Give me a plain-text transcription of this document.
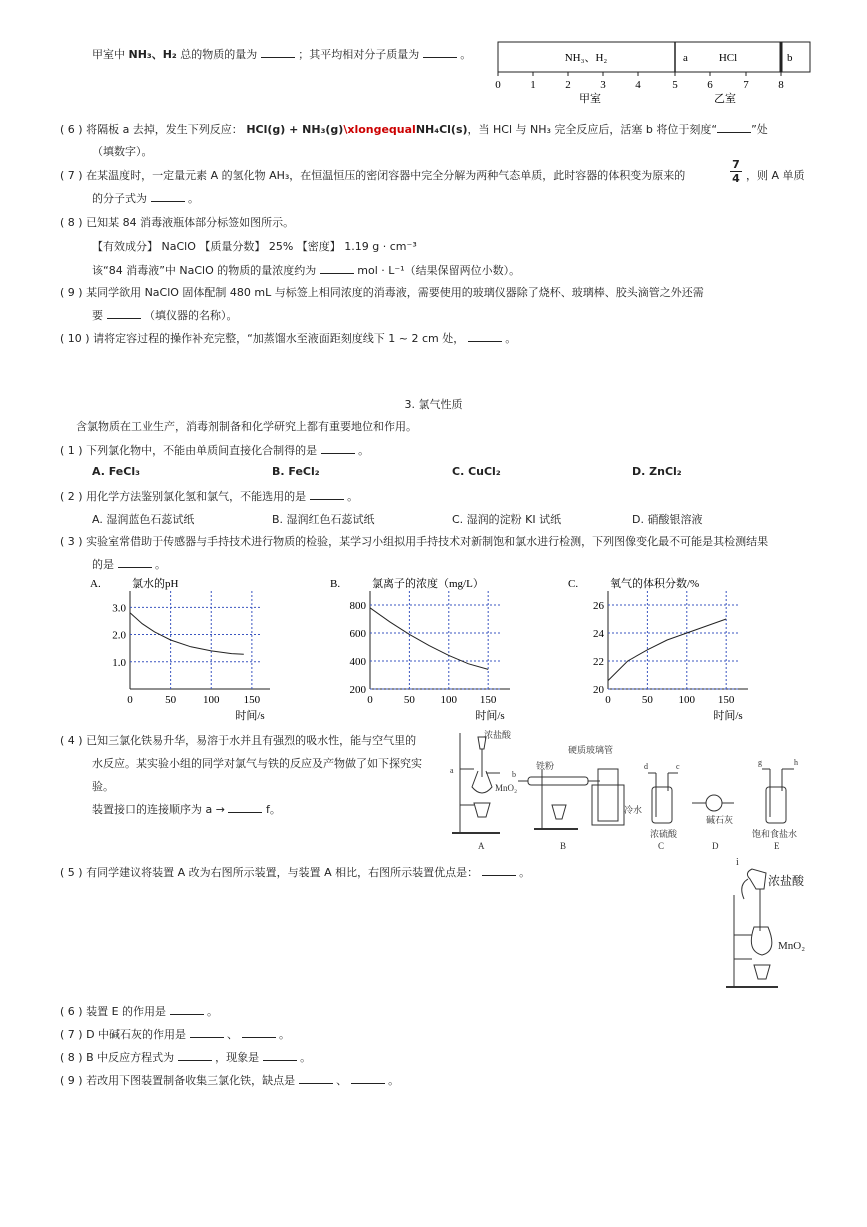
甲室中 NH₃、H₂ 总的物质的量为	；其平均相对分子质量为	。	NH₃、H₂	HCl
a	b
0	1	2	3	4	5	6	7	8
甲室	乙室
( 6 ) 将隔板 a 去掉，发生下列反应： HCl(g) + NH₃(g)\xlongequalNH₄Cl(s)，当 HCl 与 NH₃ 完全反应后，活塞 b 将位于刻度“	”处
（填数字）。
( 7 ) 在某温度时，一定量元素 A 的氢化物 AH₃，在恒温恒压的密闭容器中完全分解为两种气态单质，此时容器的体积变为原来的
7
4 ，则 A 单质
的分子式为	。
( 8 ) 已知某 84 消毒液瓶体部分标签如图所示。
【有效成分】 NaClO 【质量分数】 25% 【密度】 1.19 g · cm⁻³
该“84 消毒液”中 NaClO 的物质的量浓度约为	mol · L⁻¹（结果保留两位小数）。
( 9 ) 某同学欲用 NaClO 固体配制 480 mL 与标签上相同浓度的消毒液，需要使用的玻璃仪器除了烧杯、玻璃棒、胶头滴管之外还需
要	（填仪器的名称）。
( 10 ) 请将定容过程的操作补充完整，“加蒸馏水至液面距刻度线下 1 ~ 2 cm 处，	。
3. 氯气性质
含氯物质在工业生产，消毒剂制备和化学研究上都有重要地位和作用。
( 1 ) 下列氯化物中，不能由单质间直接化合制得的是	。
A. FeCl₃	B. FeCl₂	C. CuCl₂	D. ZnCl₂
( 2 ) 用化学方法鉴别氯化氢和氯气，不能选用的是	。
A. 湿润蓝色石蕊试纸	B. 湿润红色石蕊试纸	C. 湿润的淀粉 KI 试纸	D. 硝酸银溶液
( 3 ) 实验室常借助于传感器与手持技术进行物质的检验，某学习小组拟用手持技术对新制饱和氯水进行检测，下列图像变化最不可能是其检测结果
的是	。
A.	氯水的pH
3.0
2.0
1.0
0	50 100 150
时间/s
B.	氯离子的浓度（mg/L）
800
600
400
200
0	50 100 150
时间/s
C.	氧气的体积分数/%
26
24
22
20
0	50 100 150
时间/s
( 4 ) 已知三氯化铁易升华，易溶于水并且有强烈的吸水性，能与空气里的
水反应。某实验小组的同学对氯气与铁的反应及产物做了如下探究实
验。
装置接口的连接顺序为 a →	f。
浓盐酸
MnO₂
a
A
铁粉
硬质玻璃管
冷水
b
B
d	c
浓硫酸
C
碱石灰
D
g	h
饱和食盐水
E
( 5 ) 有同学建议将装置 A 改为右图所示装置，与装置 A 相比，右图所示装置优点是：	。
i
浓盐酸
MnO₂
( 6 ) 装置 E 的作用是	。
( 7 ) D 中碱石灰的作用是	、	。
( 8 ) B 中反应方程式为	，现象是	。
( 9 ) 若改用下图装置制备收集三氯化铁，缺点是	、	。
